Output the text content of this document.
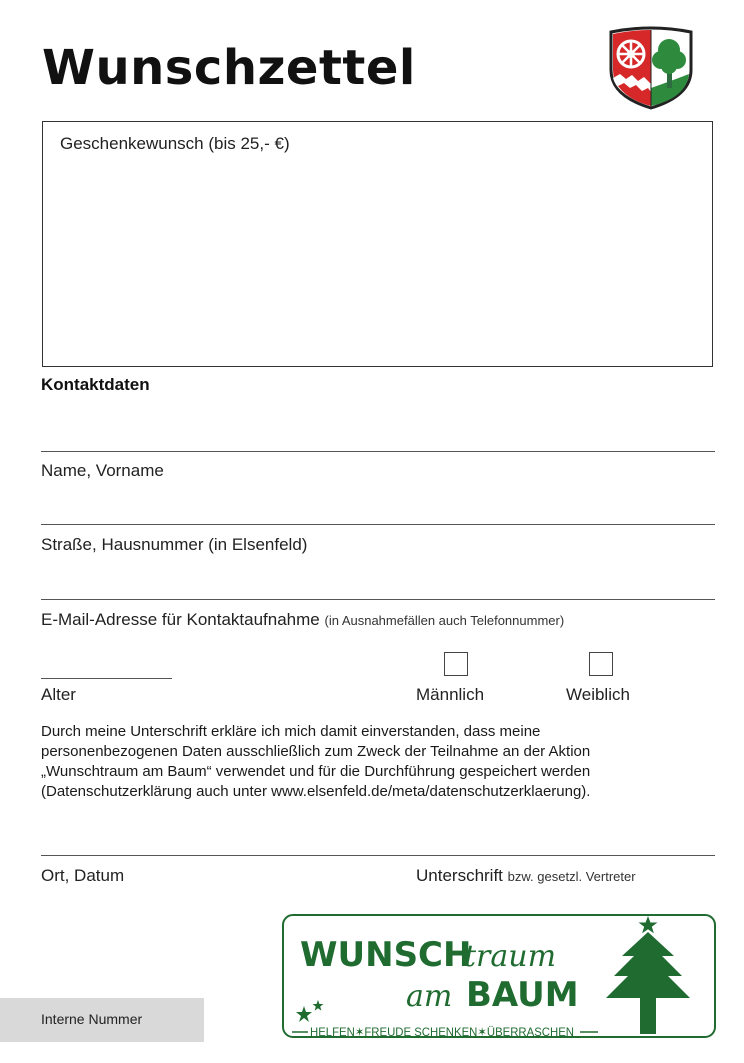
Wunschzettel
Geschenkewunsch (bis 25,- €)
Kontaktdaten
Name, Vorname
Straße, Hausnummer (in Elsenfeld)
E-Mail-Adresse für Kontaktaufnahme (in Ausnahmefällen auch Telefonnummer)
Alter	Männlich	Weiblich

Durch meine Unterschrift erkläre ich mich damit einverstanden, dass meine personenbezogenen Daten ausschließlich zum Zweck der Teilnahme an der Aktion „Wunschtraum am Baum“ verwendet und für die Durchführung gespeichert werden (Datenschutzerklärung auch unter www.elsenfeld.de/meta/datenschutzerklaerung).

Ort, Datum	Unterschrift bzw. gesetzl. Vertreter
Interne Nummer
WUNSCH
traum
am BAUM
HELFEN✶FREUDE SCHENKEN✶ÜBERRASCHEN
